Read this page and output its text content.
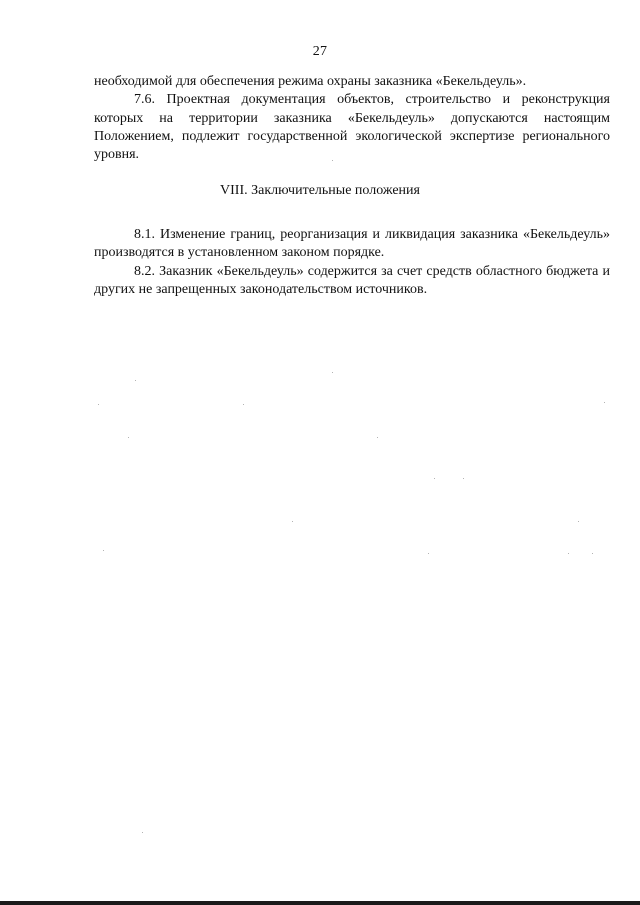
27

необходимой для обеспечения режима охраны заказника «Бекельдеуль».

7.6. Проектная документация объектов, строительство и реконструкция которых на территории заказника «Бекельдеуль» допускаются настоящим Положением, подлежит государственной экологической экспертизе регионального уровня.

VIII. Заключительные положения

8.1. Изменение границ, реорганизация и ликвидация заказника «Бекельдеуль» производятся в установленном законом порядке.

8.2. Заказник «Бекельдеуль» содержится за счет средств областного бюджета и других не запрещенных законодательством источников.
